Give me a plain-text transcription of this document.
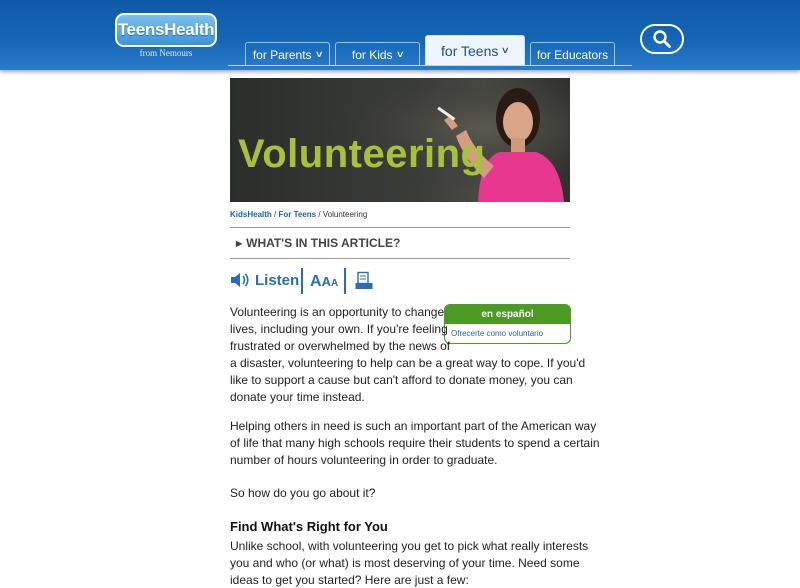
TeensHealth
from Nemours	for Parents ∨ for Kids ∨	for Teens ∨ for Educators
Volunteering
KidsHealth / For Teens / Volunteering
▶ WHAT'S IN THIS ARTICLE?
Listen AAA
en español
Ofrecerte como voluntario
Volunteering is an opportunity to change
lives, including your own. If you're feeling
frustrated or overwhelmed by the news of
a disaster, volunteering to help can be a great way to cope. If you'd
like to support a cause but can't afford to donate money, you can
donate your time instead.
Helping others in need is such an important part of the American way
of life that many high schools require their students to spend a certain
number of hours volunteering in order to graduate.
So how do you go about it?
Find What's Right for You
Unlike school, with volunteering you get to pick what really interests
you and who (or what) is most deserving of your time. Need some
ideas to get you started? Here are just a few:
